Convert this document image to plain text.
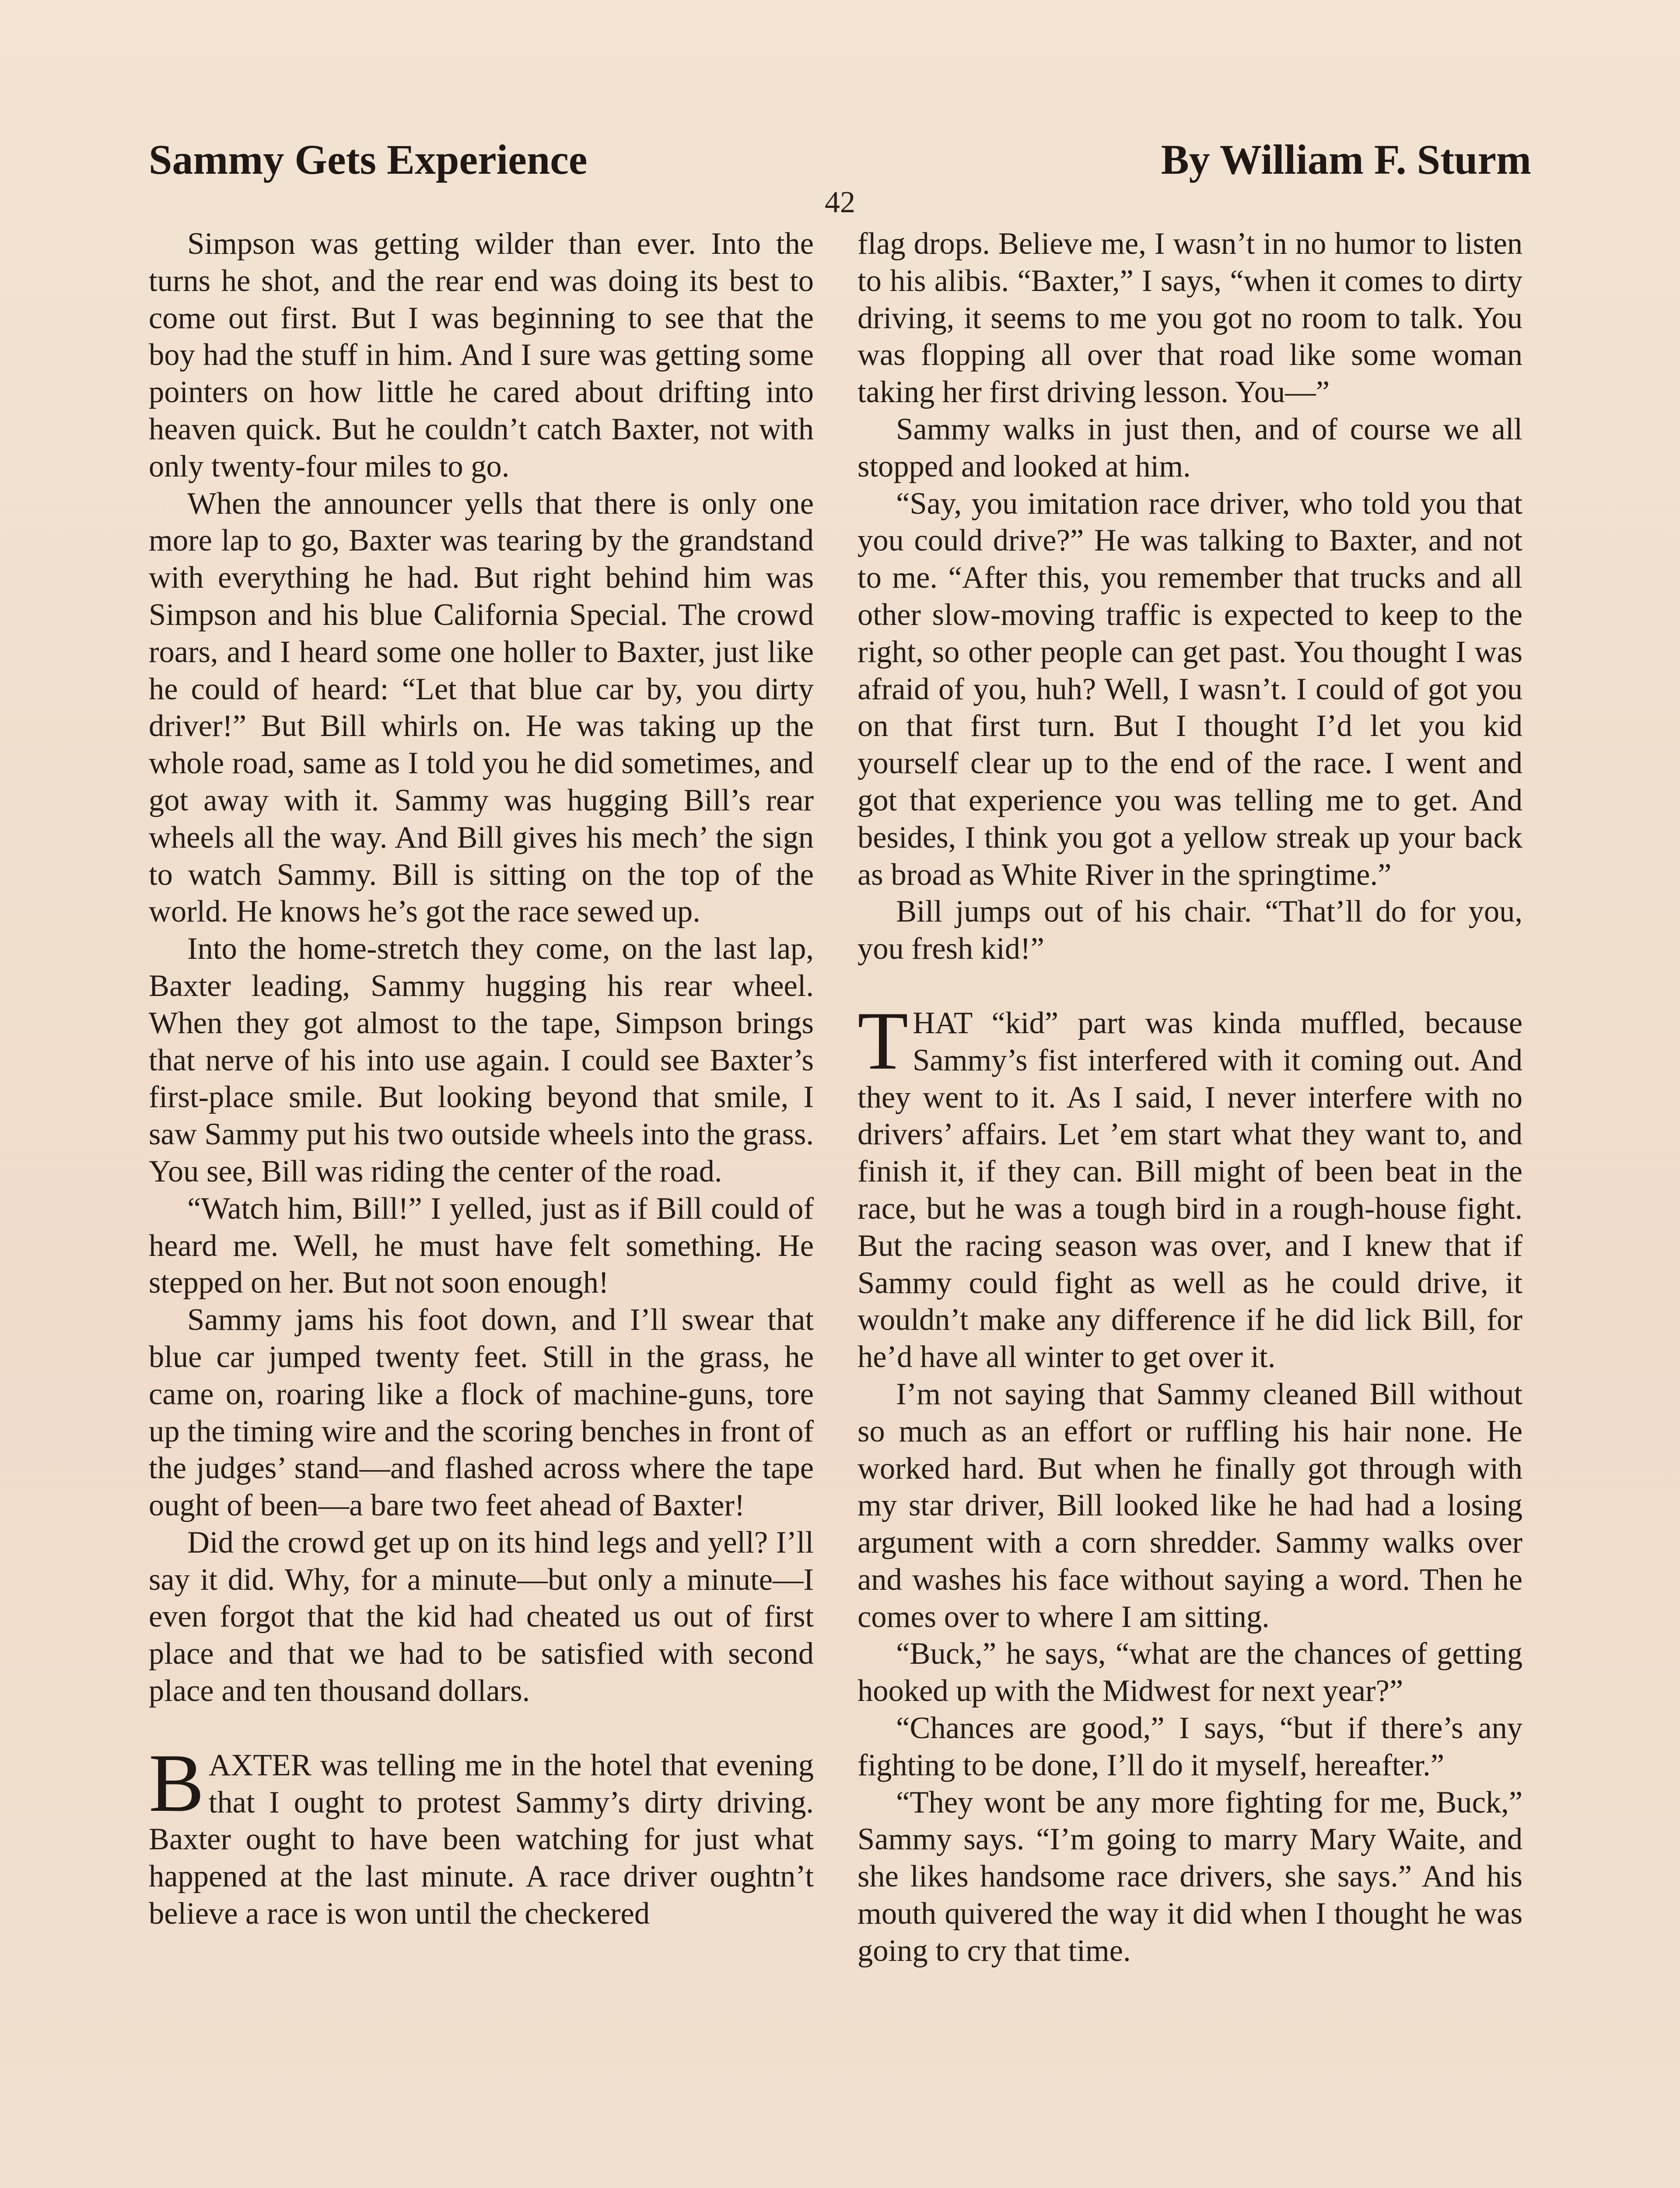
Sammy Gets Experience	By William F. Sturm
42

Simpson was getting wilder than ever. Into the turns he shot, and the rear end was doing its best to come out first. But I was beginning to see that the boy had the stuff in him. And I sure was getting some pointers on how little he cared about drifting into heaven quick. But he couldn’t catch Baxter, not with only twenty-four miles to go.

When the announcer yells that there is only one more lap to go, Baxter was tearing by the grandstand with everything he had. But right behind him was Simpson and his blue California Special. The crowd roars, and I heard some one holler to Baxter, just like he could of heard: “Let that blue car by, you dirty driver!” But Bill whirls on. He was taking up the whole road, same as I told you he did sometimes, and got away with it. Sammy was hugging Bill’s rear wheels all the way. And Bill gives his mech’ the sign to watch Sammy. Bill is sitting on the top of the world. He knows he’s got the race sewed up.

Into the home-stretch they come, on the last lap, Baxter leading, Sammy hugging his rear wheel. When they got almost to the tape, Simpson brings that nerve of his into use again. I could see Baxter’s first-place smile. But looking beyond that smile, I saw Sammy put his two outside wheels into the grass. You see, Bill was riding the center of the road.

“Watch him, Bill!” I yelled, just as if Bill could of heard me. Well, he must have felt something. He stepped on her. But not soon enough!

Sammy jams his foot down, and I’ll swear that blue car jumped twenty feet. Still in the grass, he came on, roaring like a flock of machine-guns, tore up the timing wire and the scoring benches in front of the judges’ stand—and flashed across where the tape ought of been—a bare two feet ahead of Baxter!

Did the crowd get up on its hind legs and yell? I’ll say it did. Why, for a minute—but only a minute—I even forgot that the kid had cheated us out of first place and that we had to be satisfied with second place and ten thousand dollars.

BAXTER was telling me in the hotel that evening that I ought to protest Sammy’s dirty driving. Baxter ought to have been watching for just what happened at the last minute. A race driver oughtn’t believe a race is won until the checkered

flag drops. Believe me, I wasn’t in no humor to listen to his alibis. “Baxter,” I says, “when it comes to dirty driving, it seems to me you got no room to talk. You was flopping all over that road like some woman taking her first driving lesson. You—”

Sammy walks in just then, and of course we all stopped and looked at him.

“Say, you imitation race driver, who told you that you could drive?” He was talking to Baxter, and not to me. “After this, you remember that trucks and all other slow-moving traffic is expected to keep to the right, so other people can get past. You thought I was afraid of you, huh? Well, I wasn’t. I could of got you on that first turn. But I thought I’d let you kid yourself clear up to the end of the race. I went and got that experience you was telling me to get. And besides, I think you got a yellow streak up your back as broad as White River in the springtime.”

Bill jumps out of his chair. “That’ll do for you, you fresh kid!”

THAT “kid” part was kinda muffled, because Sammy’s fist interfered with it coming out. And they went to it. As I said, I never interfere with no drivers’ affairs. Let ’em start what they want to, and finish it, if they can. Bill might of been beat in the race, but he was a tough bird in a rough-house fight. But the racing season was over, and I knew that if Sammy could fight as well as he could drive, it wouldn’t make any difference if he did lick Bill, for he’d have all winter to get over it.

I’m not saying that Sammy cleaned Bill without so much as an effort or ruffling his hair none. He worked hard. But when he finally got through with my star driver, Bill looked like he had had a losing argument with a corn shredder. Sammy walks over and washes his face without saying a word. Then he comes over to where I am sitting.

“Buck,” he says, “what are the chances of getting hooked up with the Midwest for next year?”

“Chances are good,” I says, “but if there’s any fighting to be done, I’ll do it myself, hereafter.”

“They wont be any more fighting for me, Buck,” Sammy says. “I’m going to marry Mary Waite, and she likes handsome race drivers, she says.” And his mouth quivered the way it did when I thought he was going to cry that time.
